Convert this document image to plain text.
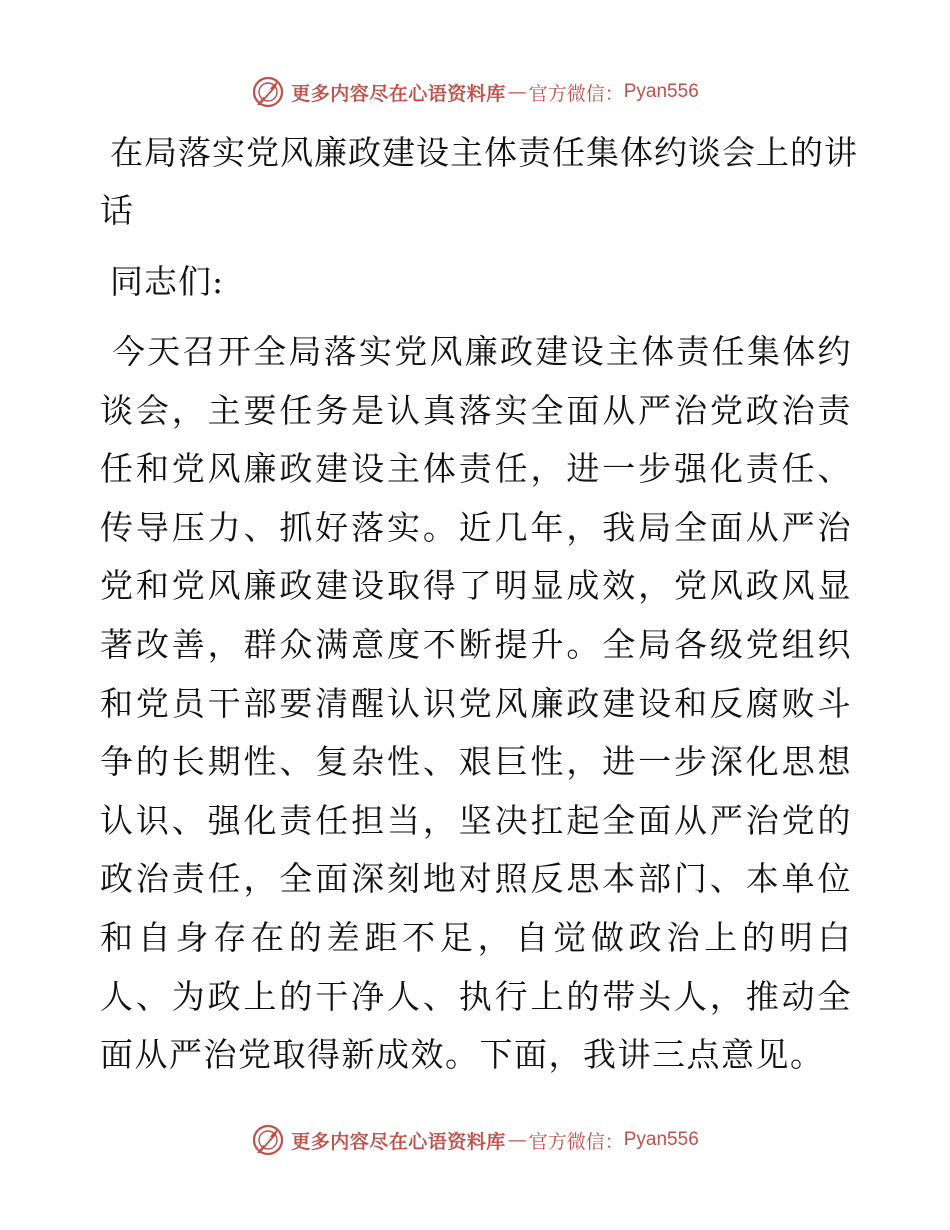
更多内容尽在心语资料库 — 官方微信： Pyan556
在局落实党风廉政建设主体责任集体约谈会上的讲话

同志们:

今天召开全局落实党风廉政建设主体责任集体约谈会，主要任务是认真落实全面从严治党政治责任和党风廉政建设主体责任，进一步强化责任、传导压力、抓好落实。近几年，我局全面从严治党和党风廉政建设取得了明显成效，党风政风显著改善，群众满意度不断提升。全局各级党组织和党员干部要清醒认识党风廉政建设和反腐败斗争的长期性、复杂性、艰巨性，进一步深化思想认识、强化责任担当，坚决扛起全面从严治党的政治责任，全面深刻地对照反思本部门、本单位和自身存在的差距不足，自觉做政治上的明白人、为政上的干净人、执行上的带头人，推动全面从严治党取得新成效。下面，我讲三点意见。

更多内容尽在心语资料库 — 官方微信： Pyan556
